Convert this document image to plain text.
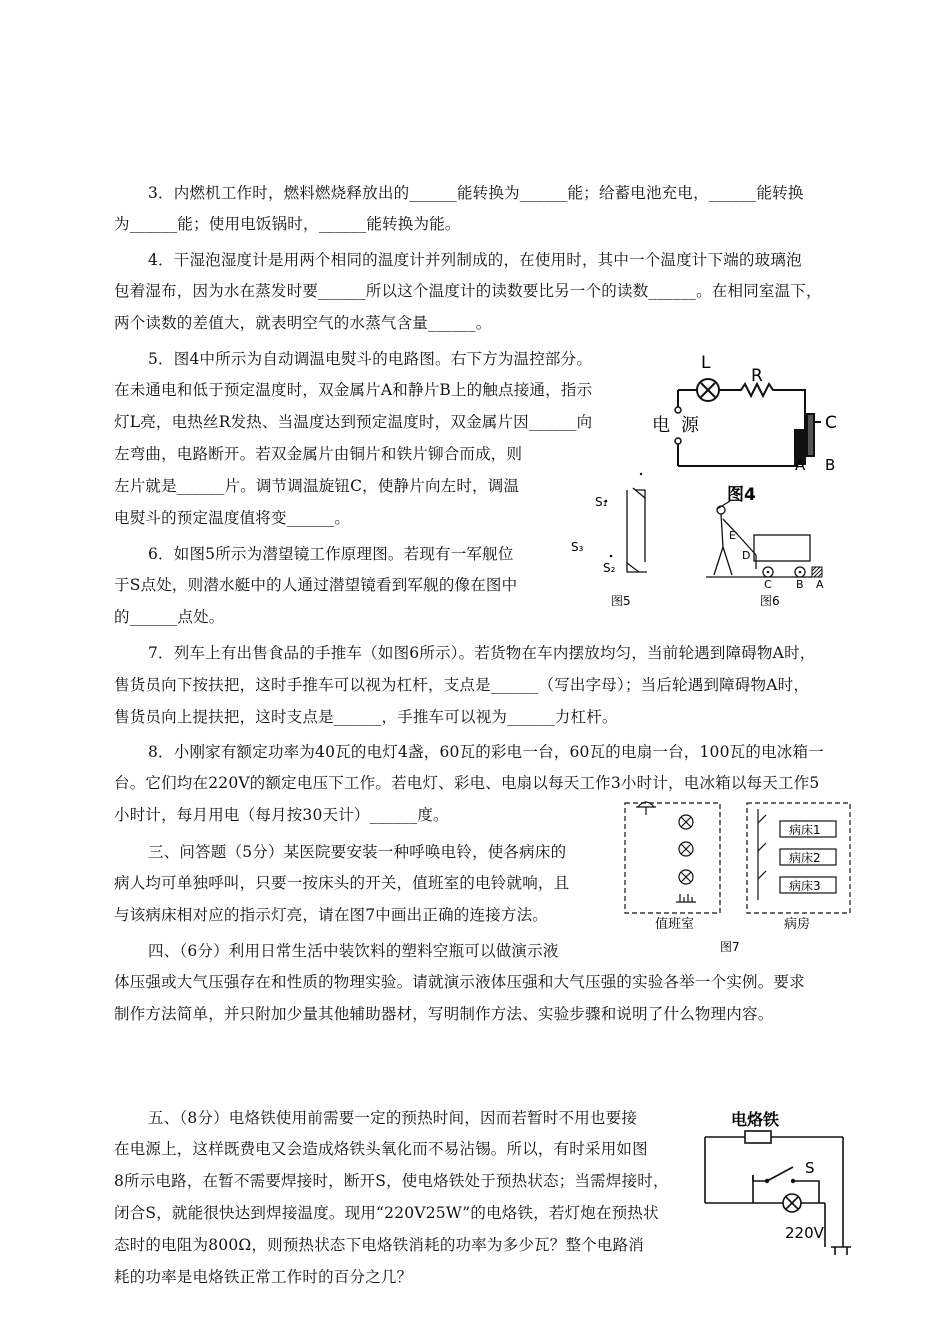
3．内燃机工作时，燃料燃烧释放出的______能转换为______能；给蓄电池充电，______能转换
为______能；使用电饭锅时，______能转换为能。
4．干湿泡湿度计是用两个相同的温度计并列制成的，在使用时，其中一个温度计下端的玻璃泡
包着湿布，因为水在蒸发时要______所以这个温度计的读数要比另一个的读数______。在相同室温下，
两个读数的差值大，就表明空气的水蒸气含量______。
5．图4中所示为自动调温电熨斗的电路图。右下方为温控部分。
在未通电和低于预定温度时，双金属片A和静片B上的触点接通，指示
灯L亮，电热丝R发热、当温度达到预定温度时，双金属片因______向
左弯曲，电路断开。若双金属片由铜片和铁片铆合而成，则
左片就是______片。调节调温旋钮C，使静片向左时，调温
电熨斗的预定温度值将变______。
6．如图5所示为潜望镜工作原理图。若现有一军舰位
于S点处，则潜水艇中的人通过潜望镜看到军舰的像在图中
的______点处。
7．列车上有出售食品的手推车（如图6所示）。若货物在车内摆放均匀，当前轮遇到障碍物A时，
售货员向下按扶把，这时手推车可以视为杠杆，支点是______（写出字母）；当后轮遇到障碍物A时，
售货员向上提扶把，这时支点是______，手推车可以视为______力杠杆。
8．小刚家有额定功率为40瓦的电灯4盏，60瓦的彩电一台，60瓦的电扇一台，100瓦的电冰箱一
台。它们均在220V的额定电压下工作。若电灯、彩电、电扇以每天工作3小时计，电冰箱以每天工作5
小时计，每月用电（每月按30天计）______度。
三、问答题（5分）某医院要安装一种呼唤电铃，使各病床的
病人均可单独呼叫，只要一按床头的开关，值班室的电铃就响，且
与该病床相对应的指示灯亮，请在图7中画出正确的连接方法。
四、（6分）利用日常生活中装饮料的塑料空瓶可以做演示液
体压强或大气压强存在和性质的物理实验。请就演示液体压强和大气压强的实验各举一个实例。要求
制作方法简单，并只附加少量其他辅助器材，写明制作方法、实验步骤和说明了什么物理内容。
五、（8分）电烙铁使用前需要一定的预热时间，因而若暂时不用也要接
在电源上，这样既费电又会造成烙铁头氧化而不易沾锡。所以，有时采用如图
8所示电路，在暂不需要焊接时，断开S，使电烙铁处于预热状态；当需焊接时，
闭合S，就能很快达到焊接温度。现用“220V25W”的电烙铁，若灯炮在预热状
态时的电阻为800Ω，则预热状态下电烙铁消耗的功率为多少瓦？整个电路消
耗的功率是电烙铁正常工作时的百分之几？
L
R
电 源	C
A B
图4
S₁
S₃
S₂
图5
E
D
C B A
图6
病床1
病床2
病床3
值班室	病房
图7
电烙铁
S
220V
